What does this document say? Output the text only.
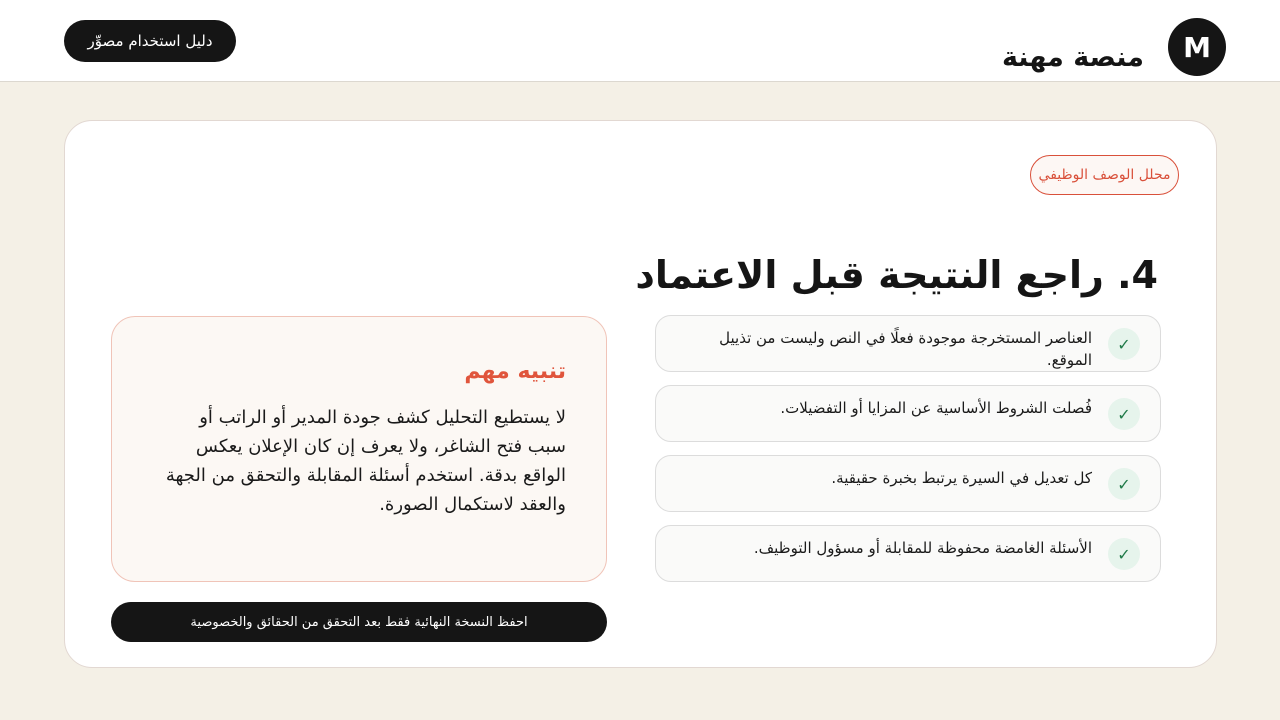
M
منصة مهنة
دليل استخدام مصوِّر
محلل الوصف الوظيفي
4. راجع النتيجة قبل الاعتماد
✓
العناصر المستخرجة موجودة فعلًا في النص وليست من تذييل الموقع.
✓
فُصلت الشروط الأساسية عن المزايا أو التفضيلات.
✓
كل تعديل في السيرة يرتبط بخبرة حقيقية.
✓
الأسئلة الغامضة محفوظة للمقابلة أو مسؤول التوظيف.
تنبيه مهم

لا يستطيع التحليل كشف جودة المدير أو الراتب أو سبب فتح الشاغر، ولا يعرف إن كان الإعلان يعكس الواقع بدقة. استخدم أسئلة المقابلة والتحقق من الجهة والعقد لاستكمال الصورة.

احفظ النسخة النهائية فقط بعد التحقق من الحقائق والخصوصية
